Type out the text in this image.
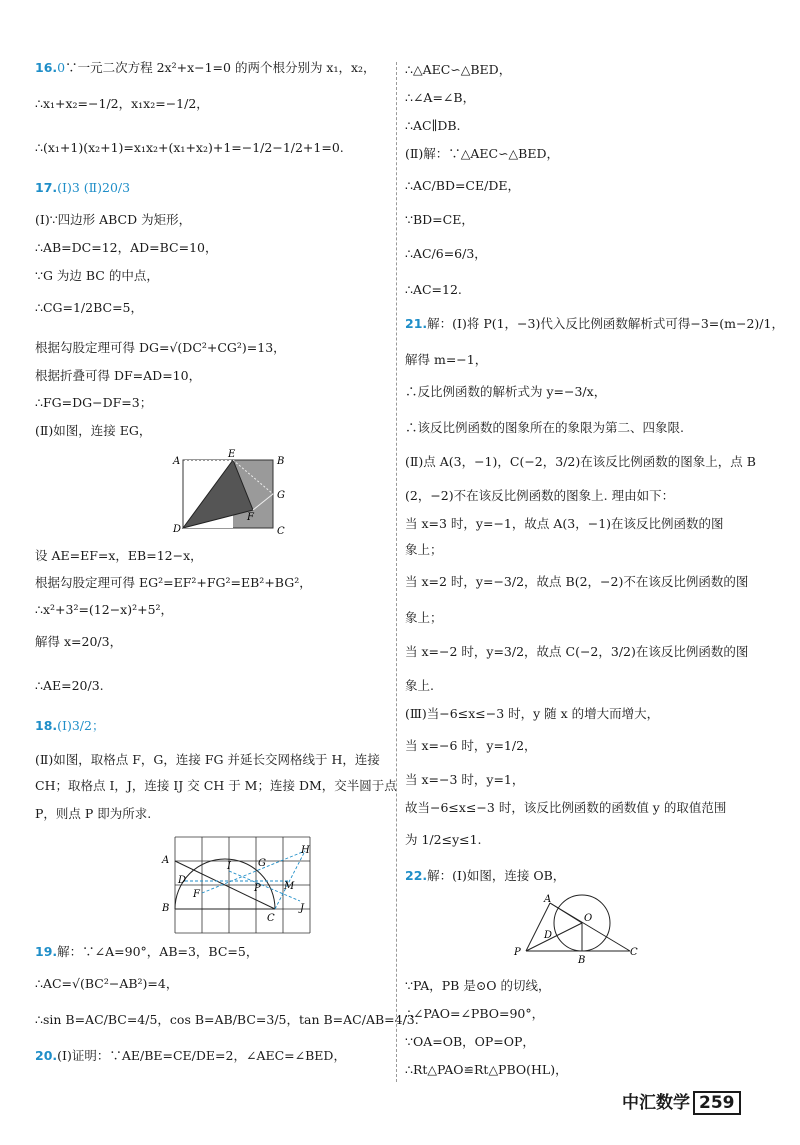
16.0∵一元二次方程 2x²+x−1=0 的两个根分别为 x₁，x₂，
∴x₁+x₂=−1/2，x₁x₂=−1/2，
∴(x₁+1)(x₂+1)=x₁x₂+(x₁+x₂)+1=−1/2−1/2+1=0.
17.(Ⅰ)3 (Ⅱ)20/3
(Ⅰ)∵四边形 ABCD 为矩形，
∴AB=DC=12，AD=BC=10，
∵G 为边 BC 的中点，
∴CG=1/2BC=5，
根据勾股定理可得 DG=√(DC²+CG²)=13，
根据折叠可得 DF=AD=10，
∴FG=DG−DF=3；
(Ⅱ)如图，连接 EG，
设 AE=EF=x，EB=12−x，
根据勾股定理可得 EG²=EF²+FG²=EB²+BG²，
∴x²+3²=(12−x)²+5²，
解得 x=20/3，
∴AE=20/3.
18.(Ⅰ)3/2；
(Ⅱ)如图，取格点 F，G，连接 FG 并延长交网格线于 H，连接
CH；取格点 I，J，连接 IJ 交 CH 于 M；连接 DM，交半圆于点
P，则点 P 即为所求.
19.解：∵∠A=90°，AB=3，BC=5，
∴AC=√(BC²−AB²)=4，
∴sin B=AC/BC=4/5，cos B=AB/BC=3/5，tan B=AC/AB=4/3.
20.(Ⅰ)证明：∵AE/BE=CE/DE=2，∠AEC=∠BED，
∴△AEC∽△BED，
∴∠A=∠B，
∴AC∥DB.
(Ⅱ)解：∵△AEC∽△BED，
∴AC/BD=CE/DE，
∵BD=CE，
∴AC/6=6/3，
∴AC=12.
21.解：(Ⅰ)将 P(1，−3)代入反比例函数解析式可得−3=(m−2)/1，
解得 m=−1，
∴反比例函数的解析式为 y=−3/x，
∴该反比例函数的图象所在的象限为第二、四象限.
(Ⅱ)点 A(3，−1)，C(−2，3/2)在该反比例函数的图象上，点 B
(2，−2)不在该反比例函数的图象上. 理由如下：
当 x=3 时，y=−1，故点 A(3，−1)在该反比例函数的图
象上；
当 x=2 时，y=−3/2，故点 B(2，−2)不在该反比例函数的图
象上；
当 x=−2 时，y=3/2，故点 C(−2，3/2)在该反比例函数的图
象上.
(Ⅲ)当−6≤x≤−3 时，y 随 x 的增大而增大，
当 x=−6 时，y=1/2，
当 x=−3 时，y=1，
故当−6≤x≤−3 时，该反比例函数的函数值 y 的取值范围
为 1/2≤y≤1.
22.解：(Ⅰ)如图，连接 OB，
∵PA，PB 是⊙O 的切线，
∴∠PAO=∠PBO=90°，
∵OA=OB，OP=OP，
∴Rt△PAO≌Rt△PBO(HL)，
A
E
B
G
F
D	C
A
D
B
F
I	G
H
P M
C
J
A
O
D
P
B
C
中汇数学 259
